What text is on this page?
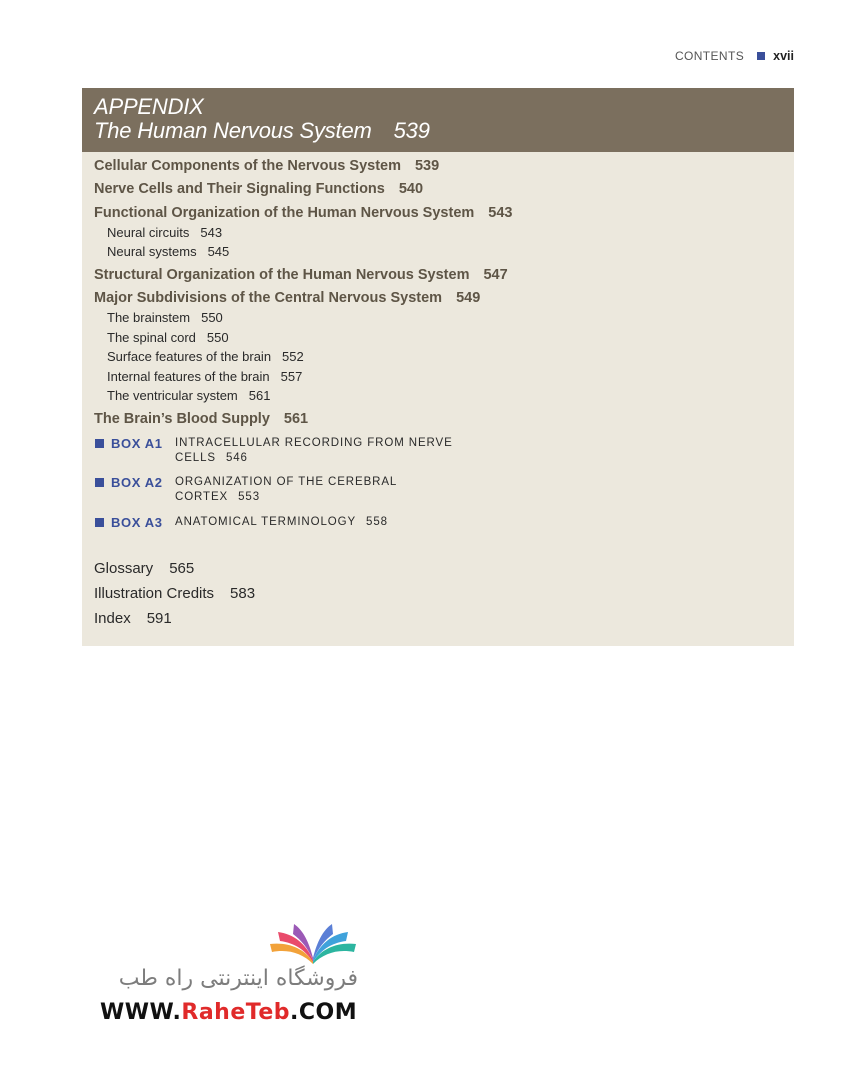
CONTENTS xvii
APPENDIX
The Human Nervous System 539
Cellular Components of the Nervous System 539
Nerve Cells and Their Signaling Functions 540
Functional Organization of the Human Nervous System 543
Neural circuits 543
Neural systems 545
Structural Organization of the Human Nervous System 547
Major Subdivisions of the Central Nervous System 549
The brainstem 550
The spinal cord 550
Surface features of the brain 552
Internal features of the brain 557
The ventricular system 561
The Brain’s Blood Supply 561
BOX A1	INTRACELLULAR RECORDING FROM NERVE
CELLS 546
BOX A2	ORGANIZATION OF THE CEREBRAL
CORTEX 553
BOX A3	ANATOMICAL TERMINOLOGY 558
Glossary 565
Illustration Credits 583
Index 591
فروشگاه اینترنتی راه طب
WWW.RaheTeb.COM
